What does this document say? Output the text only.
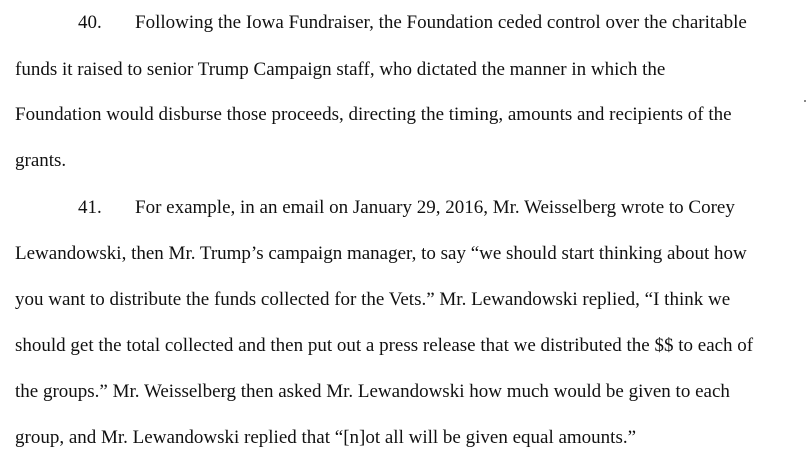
40. Following the Iowa Fundraiser, the Foundation ceded control over the charitable
funds it raised to senior Trump Campaign staff, who dictated the manner in which the
Foundation would disburse those proceeds, directing the timing, amounts and recipients of the
grants.
41. For example, in an email on January 29, 2016, Mr. Weisselberg wrote to Corey
Lewandowski, then Mr. Trump’s campaign manager, to say “we should start thinking about how
you want to distribute the funds collected for the Vets.” Mr. Lewandowski replied, “I think we
should get the total collected and then put out a press release that we distributed the $$ to each of
the groups.” Mr. Weisselberg then asked Mr. Lewandowski how much would be given to each
group, and Mr. Lewandowski replied that “[n]ot all will be given equal amounts.”
